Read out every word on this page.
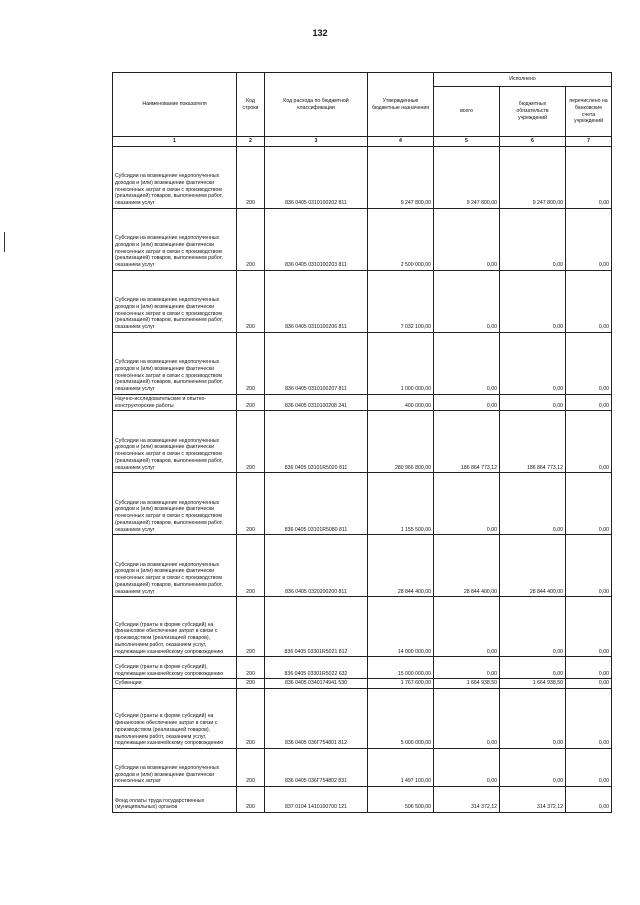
132
Наименование показателя	Код строки	Код расхода по бюджетной классификации	Утвержденные бюджетные назначения	Исполнено		
				всего	бюджетных обязательств учреждений	перечислено на банковские счета учреждений
1	2	3	4	5	6	7
Субсидии на возмещение недополученных доходов и (или) возмещение фактически понесенных затрат в связи с производством (реализацией) товаров, выполнением работ, оказанием услуг	200	836 0405 0310100202 811	9 247 800,00	9 247 800,00	9 247 800,00	0,00
Субсидии на возмещение недополученных доходов и (или) возмещение фактически понесенных затрат в связи с производством (реализацией) товаров, выполнением работ, оказанием услуг	200	836 0405 0310100203 811	2 500 000,00	0,00	0,00	0,00
Субсидии на возмещение недополученных доходов и (или) возмещение фактически понесенных затрат в связи с производством (реализацией) товаров, выполнением работ, оказанием услуг	200	836 0405 0310100206 811	7 032 100,00	0,00	0,00	0,00
Субсидии на возмещение недополученных доходов и (или) возмещение фактически понесенных затрат в связи с производством (реализацией) товаров, выполнением работ, оказанием услуг	200	836 0405 0310100207 811	1 000 000,00	0,00	0,00	0,00
Научно-исследовательские и опытно-конструкторские работы	200	836 0405 0310100208 241	400 000,00	0,00	0,00	0,00
Субсидии на возмещение недополученных доходов и (или) возмещение фактически понесенных затрат в связи с производством (реализацией) товаров, выполнением работ, оказанием услуг	200	836 0405 03101R5020 811	280 966 800,00	186 864 773,12	186 864 773,12	0,00
Субсидии на возмещение недополученных доходов и (или) возмещение фактически понесенных затрат в связи с производством (реализацией) товаров, выполнением работ, оказанием услуг	200	836 0405 03101R5080 811	1 155 500,00	0,00	0,00	0,00
Субсидии на возмещение недополученных доходов и (или) возмещение фактически понесенных затрат в связи с производством (реализацией) товаров, выполнением работ, оказанием услуг	200	836 0405 0320200200 811	28 844 400,00	28 844 400,00	28 844 400,00	0,00
Субсидии (гранты в форме субсидий) на финансовое обеспечение затрат в связи с производством (реализацией товаров), выполнением работ, оказанием услуг, подлежащие казначейскому сопровождению	200	836 0405 03301R5021 812	14 000 000,00	0,00	0,00	0,00
Субсидии (гранты в форме субсидий), подлежащие казначейскому сопровождению	200	836 0405 03301R5022 632	15 000 000,00	0,00	0,00	0,00
Субвенции	200	836 0405 0340174941 530	1 767 600,00	1 664 938,50	1 664 938,50	0,00
Субсидии (гранты в форме субсидий) на финансовое обеспечение затрат в связи с производством (реализацией товаров), выполнением работ, оказанием услуг, подлежащие казначейскому сопровождению	200	836 0405 036Г754801 812	5 000 000,00	0,00	0,00	0,00
Субсидии на возмещение недополученных доходов и (или) возмещение фактически понесенных затрат	200	836 0405 036Г754802 831	1 497 100,00	0,00	0,00	0,00
Фонд оплаты труда государственных (муниципальных) органов	200	837 0104 1410100700 121	506 500,00	314 372,12	314 372,12	0,00
